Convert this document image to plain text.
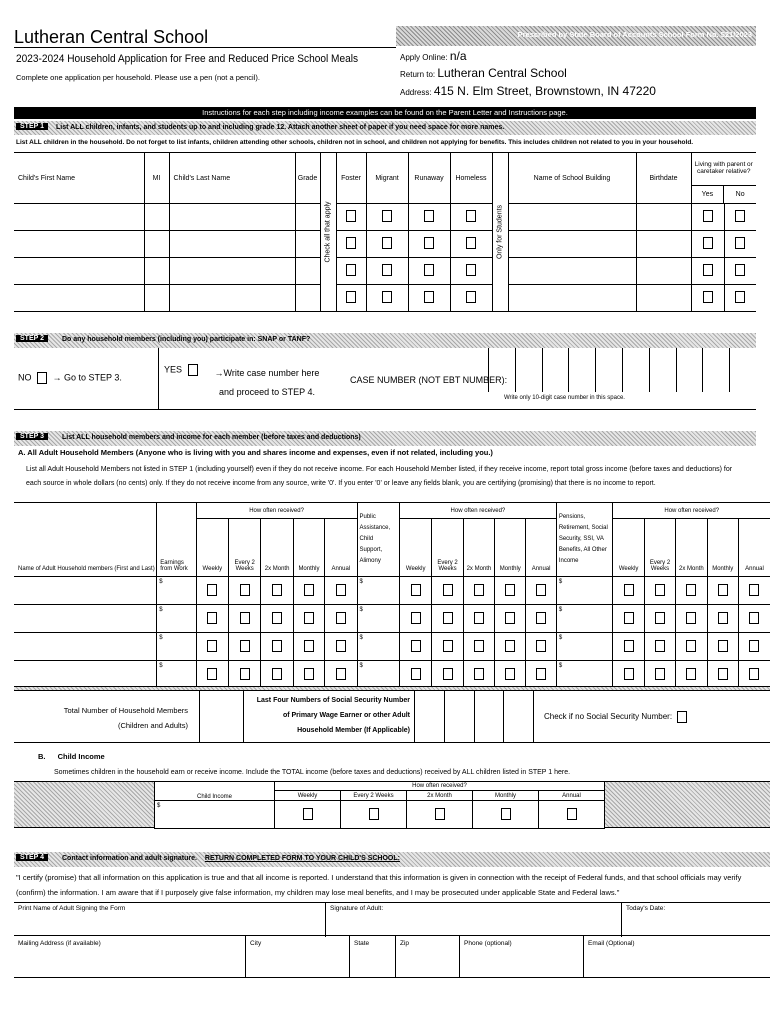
Lutheran Central School
2023-2024 Household Application for Free and Reduced Price School Meals
Complete one application per household. Please use a pen (not a pencil).
Prescribed by State Board of Accounts School Form No. 521/2023
Apply Online: n/a
Return to: Lutheran Central School
Address: 415 N. Elm Street, Brownstown, IN 47220
Instructions for each step including income examples can be found on the Parent Letter and Instructions page.
STEP 1	List ALL children, infants, and students up to and including grade 12. Attach another sheet of paper if you need space for more names.
List ALL children in the household. Do not forget to list infants, children attending other schools, children not in school, and children not applying for benefits. This includes children not related to you in your household.
Child's First Name	MI	Child's Last Name	Grade	Check all that apply	Foster	Migrant	Runaway	Homeless	Only for Students	Name of School Building	Birthdate	Living with parent or caretaker relative?
Yes No	

STEP 2	Do any household members (including you) participate in: SNAP or TANF?
NO → Go to STEP 3.
YES	→Write case number here and proceed to STEP 4.
CASE NUMBER (NOT EBT NUMBER):
Write only 10-digit case number in this space.
STEP 3	List ALL household members and income for each member (before taxes and deductions)
A. All Adult Household Members (Anyone who is living with you and shares income and expenses, even if not related, including you.)
List all Adult Household Members not listed in STEP 1 (including yourself) even if they do not receive income. For each Household Member listed, if they receive income, report total gross income (before taxes and deductions) for each source in whole dollars (no cents) only. If they do not receive income from any source, write '0'. If you enter '0' or leave any fields blank, you are certifying (promising) that there is no income to report.
Name of Adult Household members (First and Last)	Earnings from Work	How often received?					Public Assistance, Child Support, Alimony	How often received?					Pensions, Retirement, Social Security, SSI, VA Benefits, All Other Income	How often received?				
		Weekly	Every 2 Weeks	2x Month	Monthly	Annual		Weekly	Every 2 Weeks	2x Month	Monthly	Annual		Weekly	Every 2 Weeks	2x Month	Monthly	Annual
	$						$						$					
	$						$						$					
	$						$						$					
	$						$						$					
Total Number of Household Members (Children and Adults)
Last Four Numbers of Social Security Number of Primary Wage Earner or other Adult Household Member (If Applicable)
Check if no Social Security Number:
B. Child Income
Sometimes children in the household earn or receive income. Include the TOTAL income (before taxes and deductions) received by ALL children listed in STEP 1 here.
Child Income	How often received?				
	Weekly	Every 2 Weeks	2x Month	Monthly	Annual
$					
STEP 4	Contact information and adult signature. RETURN COMPLETED FORM TO YOUR CHILD'S SCHOOL:
"I certify (promise) that all information on this application is true and that all income is reported. I understand that this information is given in connection with the receipt of Federal funds, and that school officials may verify (confirm) the information. I am aware that if I purposely give false information, my children may lose meal benefits, and I may be prosecuted under applicable State and Federal laws."
Print Name of Adult Signing the Form	Signature of Adult:	Today's Date:
Mailing Address (if available)	City	State	Zip	Phone (optional)	Email (Optional)
